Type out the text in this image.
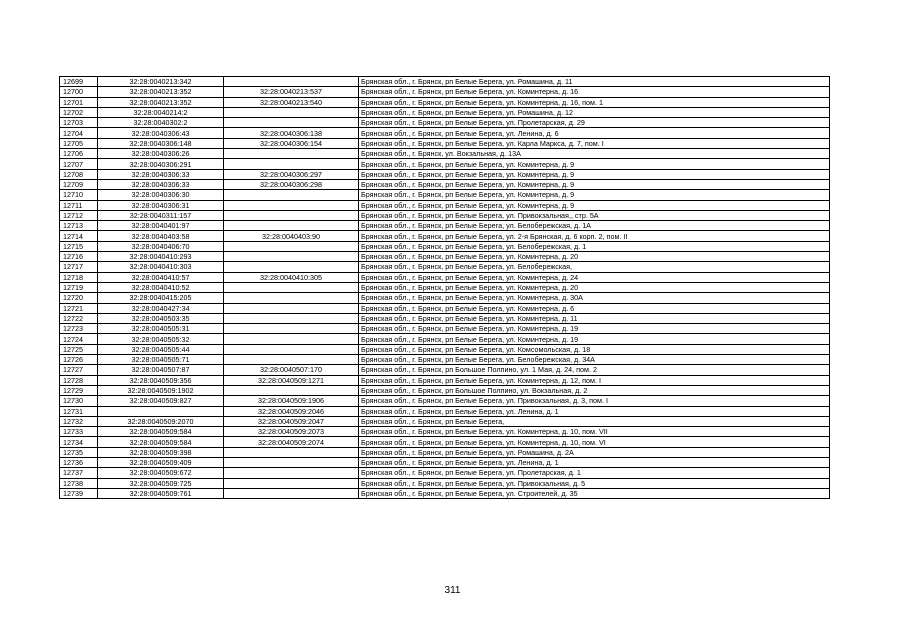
12699	32:28:0040213:342		Брянская обл., г. Брянск, рп Белые Берега, ул. Ромашина, д. 11
12700	32:28:0040213:352	32:28:0040213:537	Брянская обл., г. Брянск, рп Белые Берега, ул. Коминтерна, д. 16
12701	32:28:0040213:352	32:28:0040213:540	Брянская обл., г. Брянск, рп Белые Берега, ул. Коминтерна, д. 16, пом. 1
12702	32:28:0040214:2		Брянская обл., г. Брянск, рп Белые Берега, ул. Ромашина, д. 12
12703	32:28:0040302:2		Брянская обл., г. Брянск, рп Белые Берега, ул. Пролетарская, д. 29
12704	32:28:0040306:43	32:28:0040306:138	Брянская обл., г. Брянск, рп Белые Берега, ул. Ленина, д. 6
12705	32:28:0040306:148	32:28:0040306:154	Брянская обл., г. Брянск, рп Белые Берега, ул. Карла Маркса, д. 7, пом. I
12706	32:28:0040306:26		Брянская обл., г. Брянск, ул. Вокзальная, д. 13А
12707	32:28:0040306:291		Брянская обл., г. Брянск, рп Белые Берега, ул. Коминтерна, д. 9
12708	32:28:0040306:33	32:28:0040306:297	Брянская обл., г. Брянск, рп Белые Берега, ул. Коминтерна, д. 9
12709	32:28:0040306:33	32:28:0040306:298	Брянская обл., г. Брянск, рп Белые Берега, ул. Коминтерна, д. 9
12710	32:28:0040306:30		Брянская обл., г. Брянск, рп Белые Берега, ул. Коминтерна, д. 9
12711	32:28:0040306:31		Брянская обл., г. Брянск, рп Белые Берега, ул. Коминтерна, д. 9
12712	32:28:0040311:157		Брянская обл., г. Брянск, рп Белые Берега, ул. Привокзальная,, стр. 5А
12713	32:28:0040401:97		Брянская обл., г. Брянск, рп Белые Берега, ул. Белобережская, д. 1А
12714	32:28:0040403:58	32:28:0040403:90	Брянская обл., г. Брянск, рп Белые Берега, ул. 2-я Брянская, д. 6 корп. 2, пом. II
12715	32:28:0040406:70		Брянская обл., г. Брянск, рп Белые Берега, ул. Белобережская, д. 1
12716	32:28:0040410:293		Брянская обл., г. Брянск, рп Белые Берега, ул. Коминтерна, д. 20
12717	32:28:0040410:303		Брянская обл., г. Брянск, рп Белые Берега, ул. Белобережская,
12718	32:28:0040410:57	32:28:0040410:305	Брянская обл., г. Брянск, рп Белые Берега, ул. Коминтерна, д. 24
12719	32:28:0040410:52		Брянская обл., г. Брянск, рп Белые Берега, ул. Коминтерна, д. 20
12720	32:28:0040415:205		Брянская обл., г. Брянск, рп Белые Берега, ул. Коминтерна, д. 30А
12721	32:28:0040427:34		Брянская обл., г. Брянск, рп Белые Берега, ул. Коминтерна, д. 6
12722	32:28:0040503:35		Брянская обл., г. Брянск, рп Белые Берега, ул. Коминтерна, д. 11
12723	32:28:0040505:31		Брянская обл., г. Брянск, рп Белые Берега, ул. Коминтерна, д. 19
12724	32:28:0040505:32		Брянская обл., г. Брянск, рп Белые Берега, ул. Коминтерна, д. 19
12725	32:28:0040505:44		Брянская обл., г. Брянск, рп Белые Берега, ул. Комсомольская, д. 18
12726	32:28:0040505:71		Брянская обл., г. Брянск, рп Белые Берега, ул. Белобережская, д. 34А
12727	32:28:0040507:87	32:28:0040507:170	Брянская обл., г. Брянск, рп Большое Полпино, ул. 1 Мая, д. 24, пом. 2
12728	32:28:0040509:356	32:28:0040509:1271	Брянская обл., г. Брянск, рп Белые Берега, ул. Коминтерна, д. 12, пом. I
12729	32:28:0040509:1902		Брянская обл., г. Брянск, рп Большое Полпино, ул. Вокзальная, д. 2
12730	32:28:0040509:827	32:28:0040509:1906	Брянская обл., г. Брянск, рп Белые Берега, ул. Привокзальная, д. 3, пом. I
12731		32:28:0040509:2046	Брянская обл., г. Брянск, рп Белые Берега, ул. Ленина, д. 1
12732	32:28:0040509:2070	32:28:0040509:2047	Брянская обл., г. Брянск, рп Белые Берега,
12733	32:28:0040509:584	32:28:0040509:2073	Брянская обл., г. Брянск, рп Белые Берега, ул. Коминтерна, д. 10, пом. VII
12734	32:28:0040509:584	32:28:0040509:2074	Брянская обл., г. Брянск, рп Белые Берега, ул. Коминтерна, д. 10, пом. VI
12735	32:28:0040509:398		Брянская обл., г. Брянск, рп Белые Берега, ул. Ромашина, д. 2А
12736	32:28:0040509:409		Брянская обл., г. Брянск, рп Белые Берега, ул. Ленина, д. 1
12737	32:28:0040509:672		Брянская обл., г. Брянск, рп Белые Берега, ул. Пролетарская, д. 1
12738	32:28:0040509:725		Брянская обл., г. Брянск, рп Белые Берега, ул. Привокзальная, д. 5
12739	32:28:0040509:761		Брянская обл., г. Брянск, рп Белые Берега, ул. Строителей, д. 35
311
